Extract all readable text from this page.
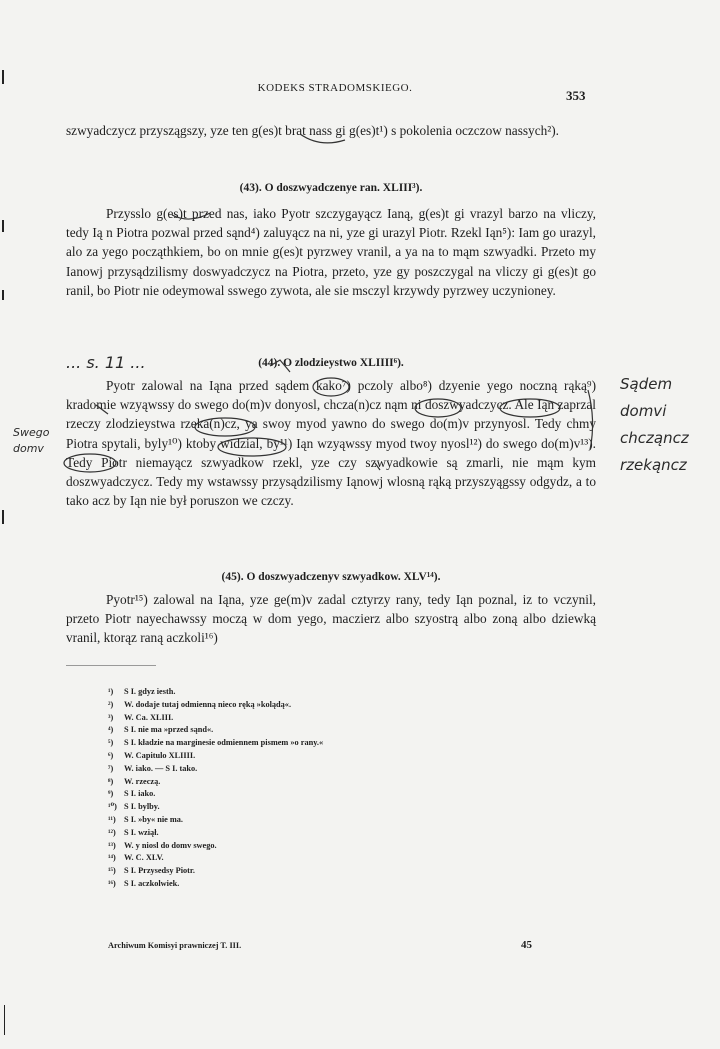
KODEKS STRADOMSKIEGO.	353

szwyadczycz przyszągszy, yze ten g(es)t brat nass gi g(es)t¹) s pokolenia oczczow nassych²).

(43). O doszwyadczenye ran. XLIII³).

Przysslo g(es)t przed nas, iako Pyotr szczygayącz Ianą, g(es)t gi vrazyl barzo na vliczy, tedy Ią n Piotra pozwal przed sąnd⁴) zaluyącz na ni, yze gi urazyl Piotr. Rzekl Iąn⁵): Iam go urazyl, alo za yego począthkiem, bo on mnie g(es)t pyrzwey vranil, a ya na to mąm szwyadki. Przeto my Ianowj przysądzilismy doswyadczycz na Piotra, przeto, yze gy poszczygal na vliczy gi g(es)t go ranil, bo Piotr nie odeymowal sswego zywota, ale sie msczyl krzywdy pyrzwey uczynioney.

(44). O zlodzieystwo XLIIII⁶).

Pyotr zalowal na Iąna przed sądem kako⁷) pczoly albo⁸) dzyenie yego noczną rąką⁹) kradomie wzyąwssy do swego do(m)v donyosl, chcza(n)cz nąm ni doszwyadczycz. Ale Iąn zaprzal rzeczy zlodzieystwa rzeka(n)cz, ya swoy myod yawno do swego do(m)v przynyosl. Tedy chmy Piotra spytali, byly¹⁰) ktoby widzial, by¹¹) Iąn wzyąwssy myod twoy nyosl¹²) do swego do(m)v¹³). Tedy Piotr niemayącz szwyadkow rzekl, yze czy szwyadkowie są zmarli, nie mąm kym doszwyadczycz. Tedy my wstawssy przysądzilismy Iąnowj wlosną rąką przyszyągssy odgydz, a to tako acz by Iąn nie był poruszon we czczy.

(45). O doszwyadczenyv szwyadkow. XLV¹⁴).

Pyotr¹⁵) zalowal na Iąna, yze ge(m)v zadal cztyrzy rany, tedy Iąn poznal, iz to vczynil, przeto Piotr nayechawssy moczą w dom yego, maczierz albo szyostrą albo zoną albo dziewką vranil, ktorąz raną aczkoli¹⁶)

¹)	S I. gdyz iesth.
²)	W. dodaje tutaj odmienną nieco ręką »kolądą«.
³)	W. Ca. XLIII.
⁴)	S I. nie ma »przed sąnd«.
⁵)	S I. kładzie na marginesie odmiennem pismem »o rany.«
⁶)	W. Capitulo XLIIII.
⁷)	W. iako. — S I. tako.
⁸)	W. rzeczą.
⁹)	S I. iako.
¹⁰) S I. bylby.
¹¹) S I. »by« nie ma.
¹²) S I. wziął.
¹³) W. y niosl do domv swego.
¹⁴) W. C. XLV.
¹⁵) S I. Przysedsy Piotr.
¹⁶) S I. aczkolwiek.
Archiwum Komisyi prawniczej T. III.	45
... s. 11 ...
Sądem
domvi
chcząncz
rzekąncz
Swego
domv
